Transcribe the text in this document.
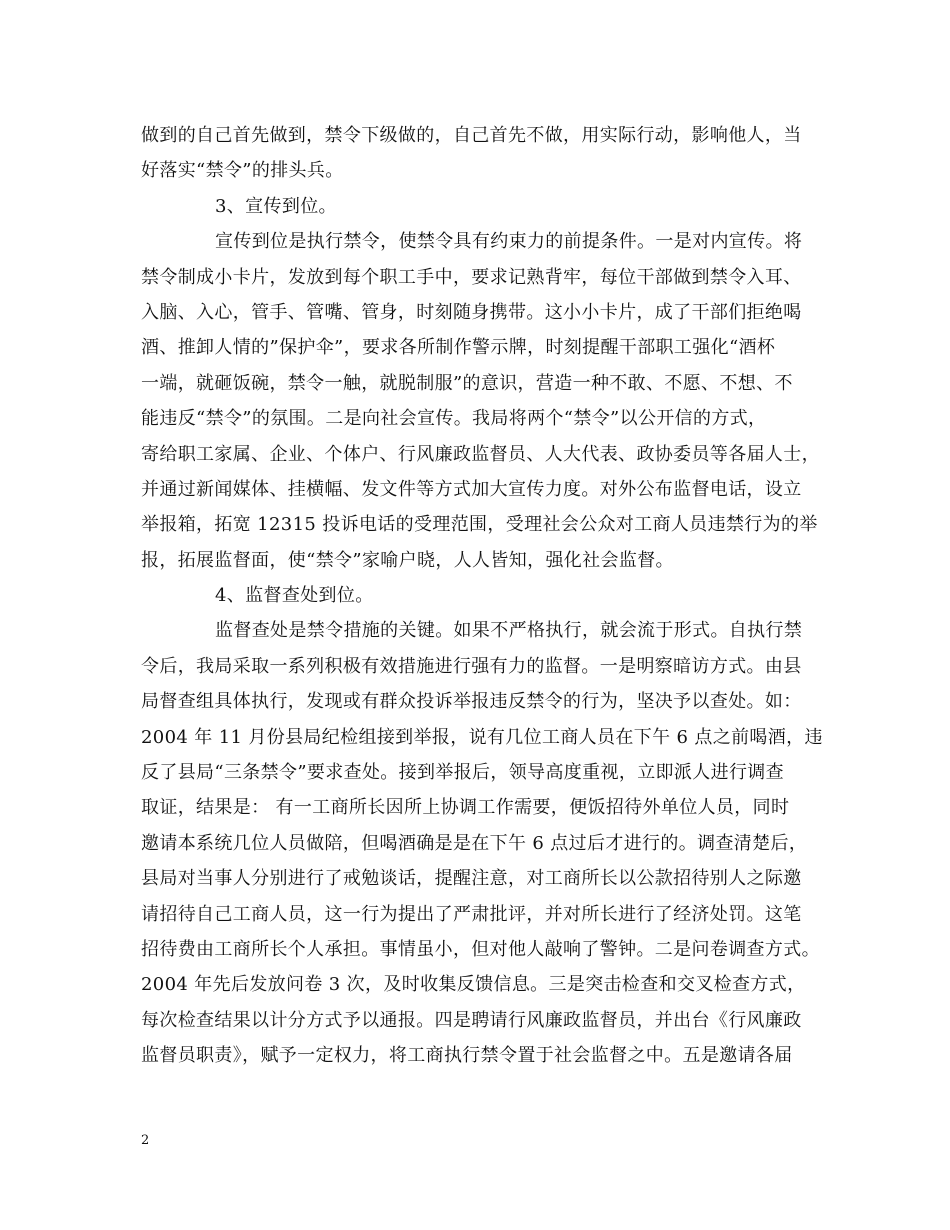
做到的自己首先做到，禁令下级做的，自己首先不做，用实际行动，影响他人，当
好落实“禁令”的排头兵。
3、宣传到位。
宣传到位是执行禁令，使禁令具有约束力的前提条件。一是对内宣传。将
禁令制成小卡片，发放到每个职工手中，要求记熟背牢，每位干部做到禁令入耳、
入脑、入心，管手、管嘴、管身，时刻随身携带。这小小卡片，成了干部们拒绝喝
酒、推卸人情的”保护伞”，要求各所制作警示牌，时刻提醒干部职工强化“酒杯
一端，就砸饭碗，禁令一触，就脱制服”的意识，营造一种不敢、不愿、不想、不
能违反“禁令”的氛围。二是向社会宣传。我局将两个“禁令”以公开信的方式，
寄给职工家属、企业、个体户、行风廉政监督员、人大代表、政协委员等各届人士，
并通过新闻媒体、挂横幅、发文件等方式加大宣传力度。对外公布监督电话，设立
举报箱，拓宽 12315 投诉电话的受理范围，受理社会公众对工商人员违禁行为的举
报，拓展监督面，使“禁令”家喻户晓，人人皆知，强化社会监督。
4、监督查处到位。
监督查处是禁令措施的关键。如果不严格执行，就会流于形式。自执行禁
令后，我局采取一系列积极有效措施进行强有力的监督。一是明察暗访方式。由县
局督查组具体执行，发现或有群众投诉举报违反禁令的行为，坚决予以查处。如：
2004 年 11 月份县局纪检组接到举报，说有几位工商人员在下午 6 点之前喝酒，违
反了县局“三条禁令”要求查处。接到举报后，领导高度重视，立即派人进行调查
取证，结果是： 有一工商所长因所上协调工作需要，便饭招待外单位人员，同时
邀请本系统几位人员做陪，但喝酒确是是在下午 6 点过后才进行的。调查清楚后，
县局对当事人分别进行了戒勉谈话，提醒注意，对工商所长以公款招待别人之际邀
请招待自己工商人员，这一行为提出了严肃批评，并对所长进行了经济处罚。这笔
招待费由工商所长个人承担。事情虽小，但对他人敲响了警钟。二是问卷调查方式。
2004 年先后发放问卷 3 次，及时收集反馈信息。三是突击检查和交叉检查方式，
每次检查结果以计分方式予以通报。四是聘请行风廉政监督员，并出台《行风廉政
监督员职责》，赋予一定权力，将工商执行禁令置于社会监督之中。五是邀请各届
2
